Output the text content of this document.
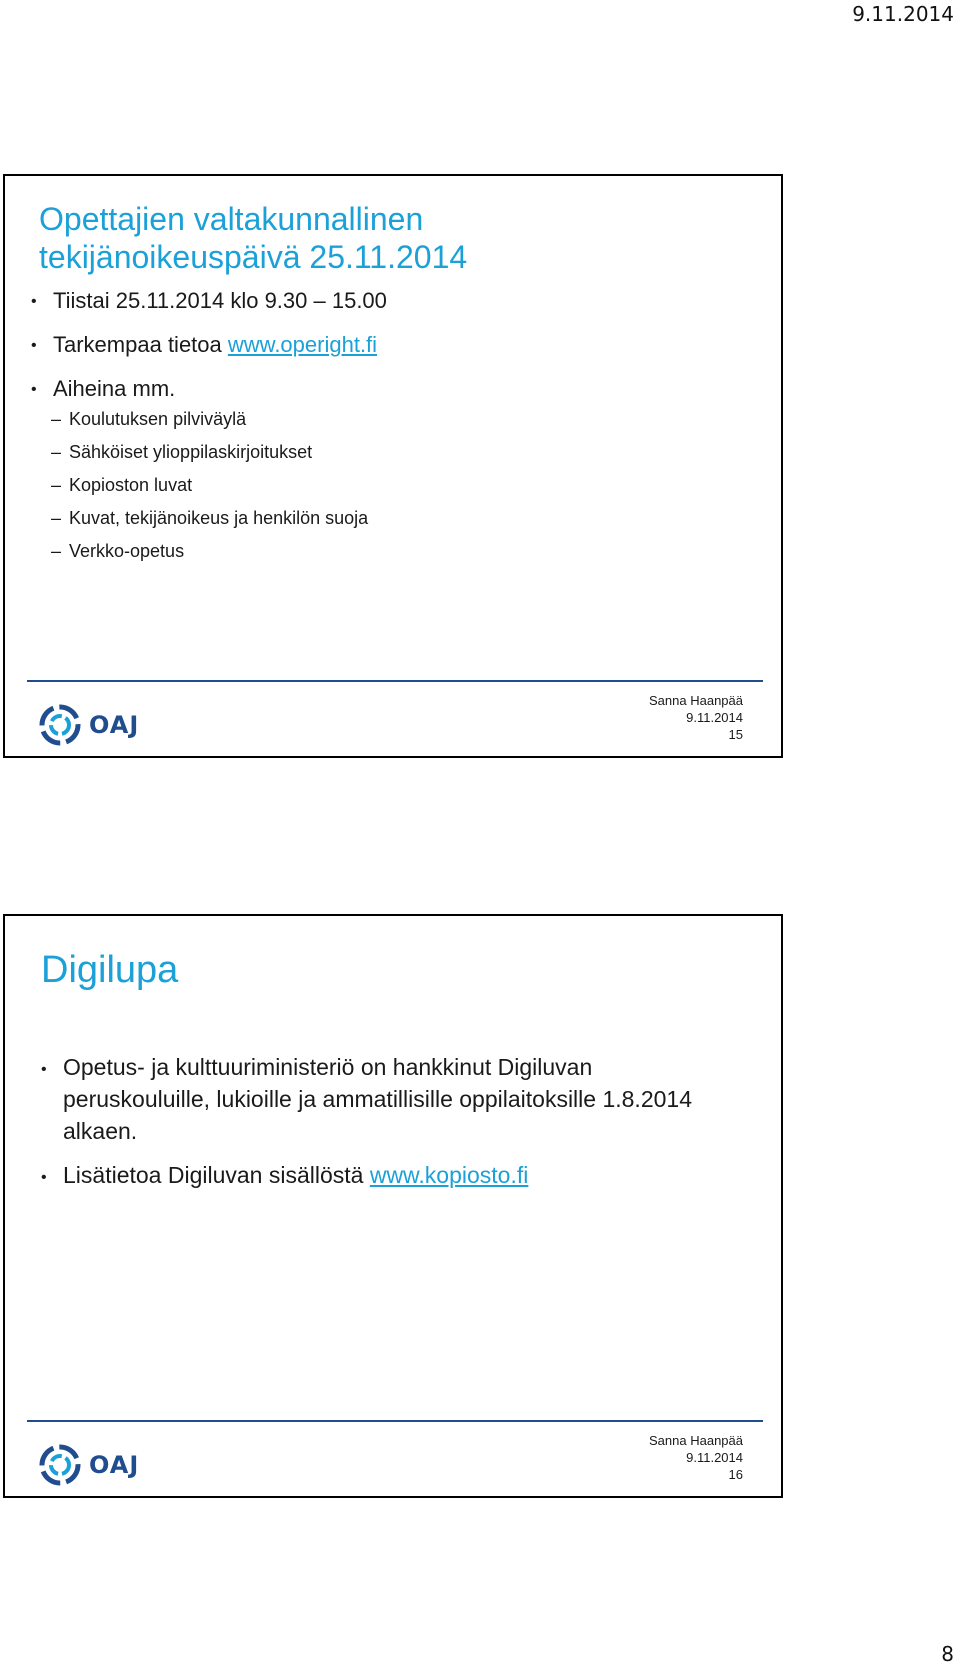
9.11.2014
Opettajien valtakunnallinen
tekijänoikeuspäivä 25.11.2014
• Tiistai 25.11.2014 klo 9.30 – 15.00
• Tarkempaa tietoa www.operight.fi
• Aiheina mm.
– Koulutuksen pilviväylä
– Sähköiset ylioppilaskirjoitukset
– Kopioston luvat
– Kuvat, tekijänoikeus ja henkilön suoja
– Verkko-opetus
OAJ
Sanna Haanpää
9.11.2014
15
Digilupa
• Opetus- ja kulttuuriministeriö on hankkinut Digiluvan peruskouluille, lukioille ja ammatillisille oppilaitoksille 1.8.2014 alkaen.
• Lisätietoa Digiluvan sisällöstä www.kopiosto.fi
OAJ
Sanna Haanpää
9.11.2014
16
8
